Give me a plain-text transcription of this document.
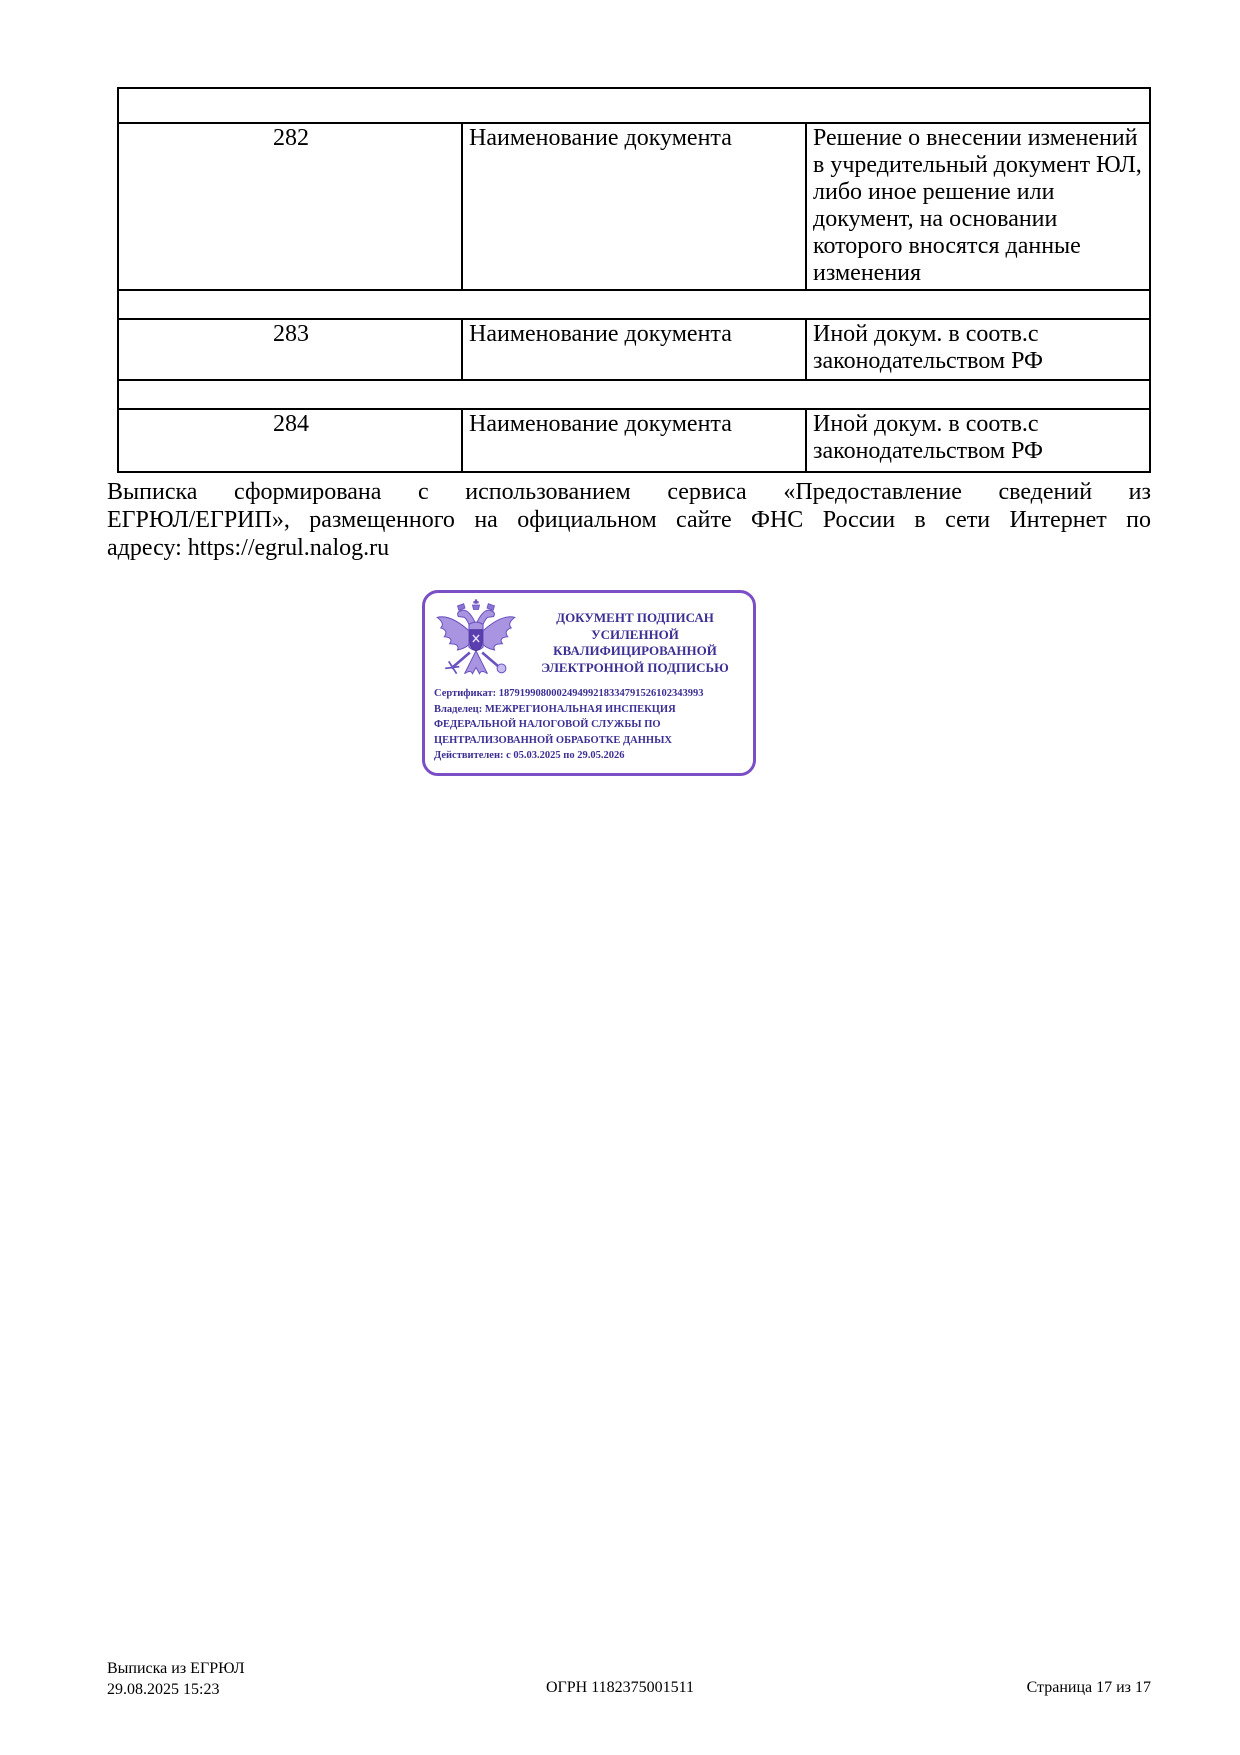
282	Наименование документа	Решение о внесении изменений в учредительный документ ЮЛ, либо иное решение или документ, на основании которого вносятся данные изменения

283	Наименование документа	Иной докум. в соотв.с законодательством РФ

284	Наименование документа	Иной докум. в соотв.с законодательством РФ
Выписка сформирована с использованием сервиса «Предоставление сведений из
ЕГРЮЛ/ЕГРИП», размещенного на официальном сайте ФНС России в сети Интернет по
адресу: https://egrul.nalog.ru
ДОКУМЕНТ ПОДПИСАН
УСИЛЕННОЙ КВАЛИФИЦИРОВАННОЙ
ЭЛЕКТРОННОЙ ПОДПИСЬЮ
Сертификат: 187919908000249499218334791526102343993
Владелец: МЕЖРЕГИОНАЛЬНАЯ ИНСПЕКЦИЯ ФЕДЕРАЛЬНОЙ НАЛОГОВОЙ СЛУЖБЫ ПО ЦЕНТРАЛИЗОВАННОЙ ОБРАБОТКЕ ДАННЫХ
Действителен: с 05.03.2025 по 29.05.2026
Выписка из ЕГРЮЛ
29.08.2025 15:23	ОГРН 1182375001511	Страница 17 из 17
